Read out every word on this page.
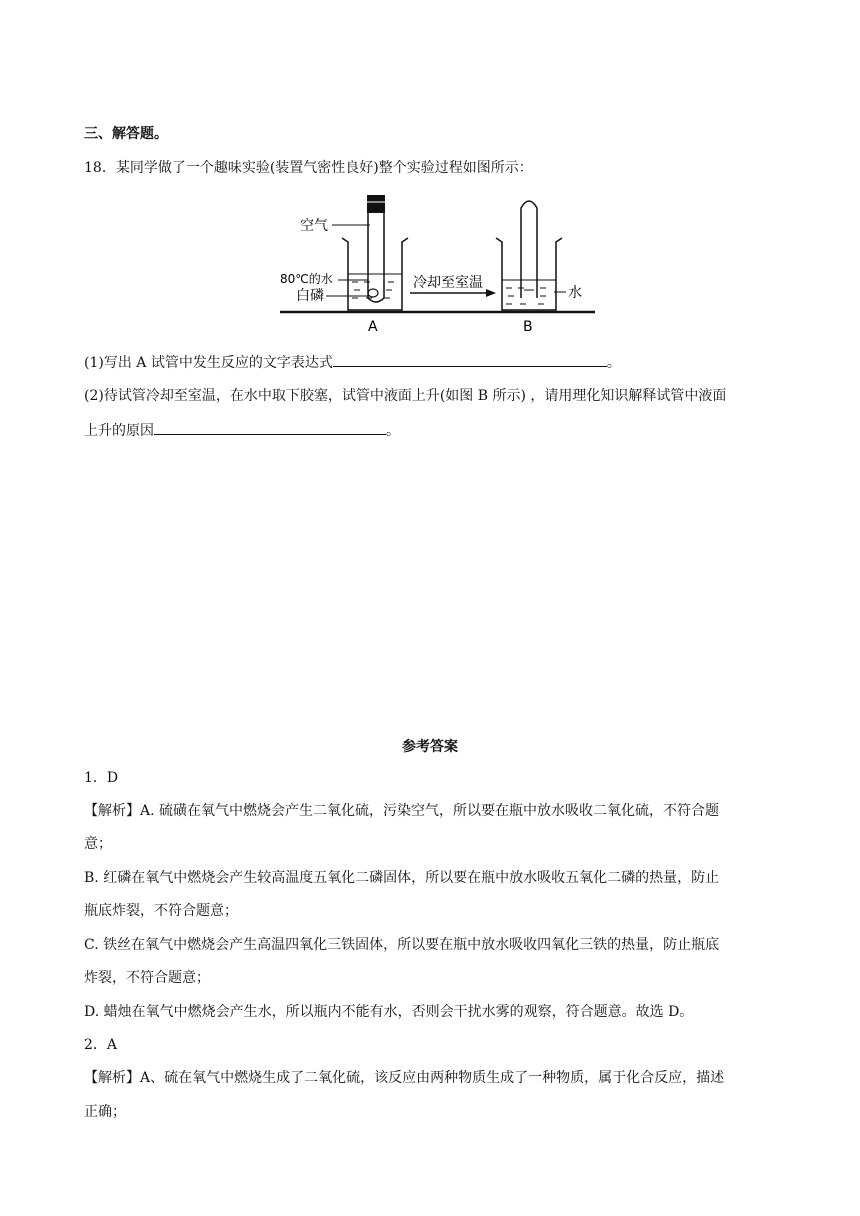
三、解答题。
18．某同学做了一个趣味实验(装置气密性良好)整个实验过程如图所示：
空气
80℃的水
白磷
A
冷却至室温
水
B
(1)写出 A 试管中发生反应的文字表达式	。
(2)待试管冷却至室温，在水中取下胶塞，试管中液面上升(如图 B 所示) ，请用理化知识解释试管中液面
上升的原因	。
参考答案
1．D
【解析】A. 硫磺在氧气中燃烧会产生二氧化硫，污染空气，所以要在瓶中放水吸收二氧化硫，不符合题
意；
B. 红磷在氧气中燃烧会产生较高温度五氧化二磷固体，所以要在瓶中放水吸收五氧化二磷的热量，防止
瓶底炸裂，不符合题意；
C. 铁丝在氧气中燃烧会产生高温四氧化三铁固体，所以要在瓶中放水吸收四氧化三铁的热量，防止瓶底
炸裂，不符合题意；
D. 蜡烛在氧气中燃烧会产生水，所以瓶内不能有水，否则会干扰水雾的观察，符合题意。故选 D。
2．A
【解析】A、硫在氧气中燃烧生成了二氧化硫，该反应由两种物质生成了一种物质，属于化合反应，描述
正确；
